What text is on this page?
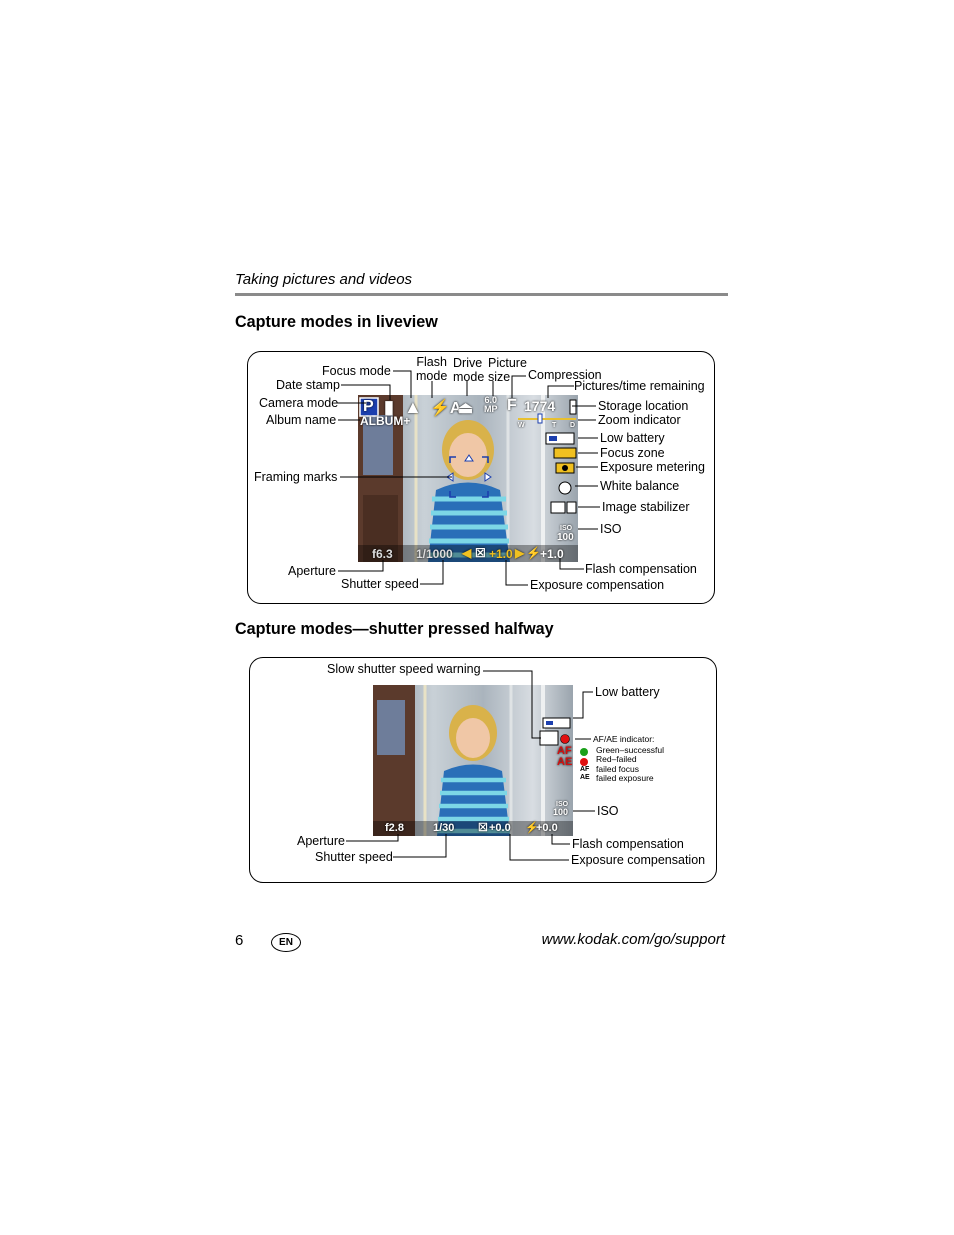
Taking pictures and videos
Capture modes in liveview
P ▮ ▲ ⚡A
⏏ 6.0
MP F 1774
ALBUM+	W	T D
ISO
100
f6.3 1/1000 ◀ ☒ +1.0 ▶ ⚡ +1.0
Flash
mode
Drive
mode
Picture
size
Focus mode	Compression
Date stamp	Pictures/time remaining
Camera mode	Storage location
Album name	Zoom indicator
Low battery
Focus zone
Exposure metering
Framing marks
White balance
Image stabilizer
ISO
Flash compensation
Aperture
Shutter speed	Exposure compensation
Capture modes—shutter pressed halfway
AF
AE
ISO
100
f2.8	1/30 ☒ +0.0 ⚡
+0.0
Slow shutter speed warning
Low battery
AF/AE indicator:
Green–successful
Red–failed
AF
AE
failed focus
failed exposure
ISO
Aperture	Flash compensation
Shutter speed	Exposure compensation
6	EN	www.kodak.com/go/support
